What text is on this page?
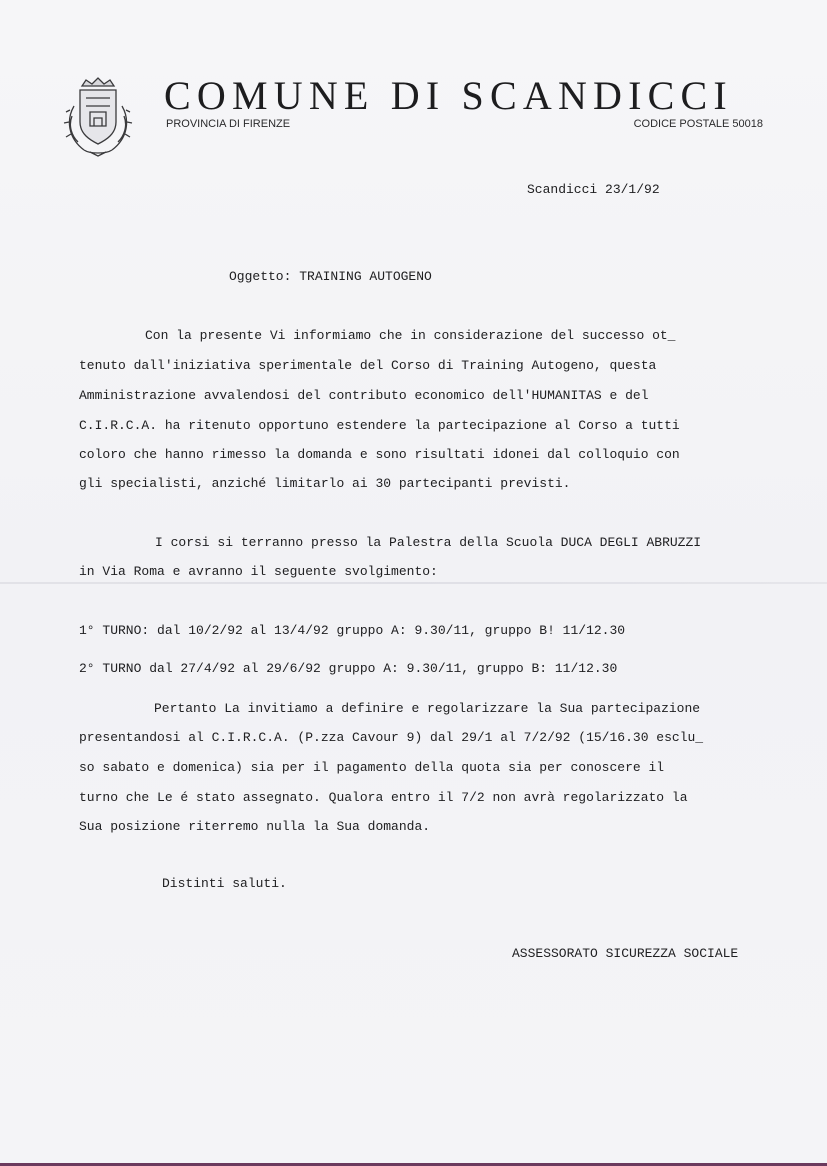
COMUNE DI SCANDICCI
PROVINCIA DI FIRENZE	CODICE POSTALE 50018
Scandicci 23/1/92
Oggetto: TRAINING AUTOGENO
Con la presente Vi informiamo che in considerazione del successo ot_
tenuto dall'iniziativa sperimentale del Corso di Training Autogeno, questa
Amministrazione avvalendosi del contributo economico dell'HUMANITAS e del
C.I.R.C.A. ha ritenuto opportuno estendere la partecipazione al Corso a tutti
coloro che hanno rimesso la domanda e sono risultati idonei dal colloquio con
gli specialisti, anziché limitarlo ai 30 partecipanti previsti.
I corsi si terranno presso la Palestra della Scuola DUCA DEGLI ABRUZZI
in Via Roma e avranno il seguente svolgimento:
1° TURNO: dal 10/2/92 al 13/4/92 gruppo A: 9.30/11, gruppo B! 11/12.30
2° TURNO dal 27/4/92 al 29/6/92 gruppo A: 9.30/11, gruppo B: 11/12.30
Pertanto La invitiamo a definire e regolarizzare la Sua partecipazione
presentandosi al C.I.R.C.A. (P.zza Cavour 9) dal 29/1 al 7/2/92 (15/16.30 esclu_
so sabato e domenica) sia per il pagamento della quota sia per conoscere il
turno che Le é stato assegnato. Qualora entro il 7/2 non avrà regolarizzato la
Sua posizione riterremo nulla la Sua domanda.
Distinti saluti.
ASSESSORATO SICUREZZA SOCIALE
